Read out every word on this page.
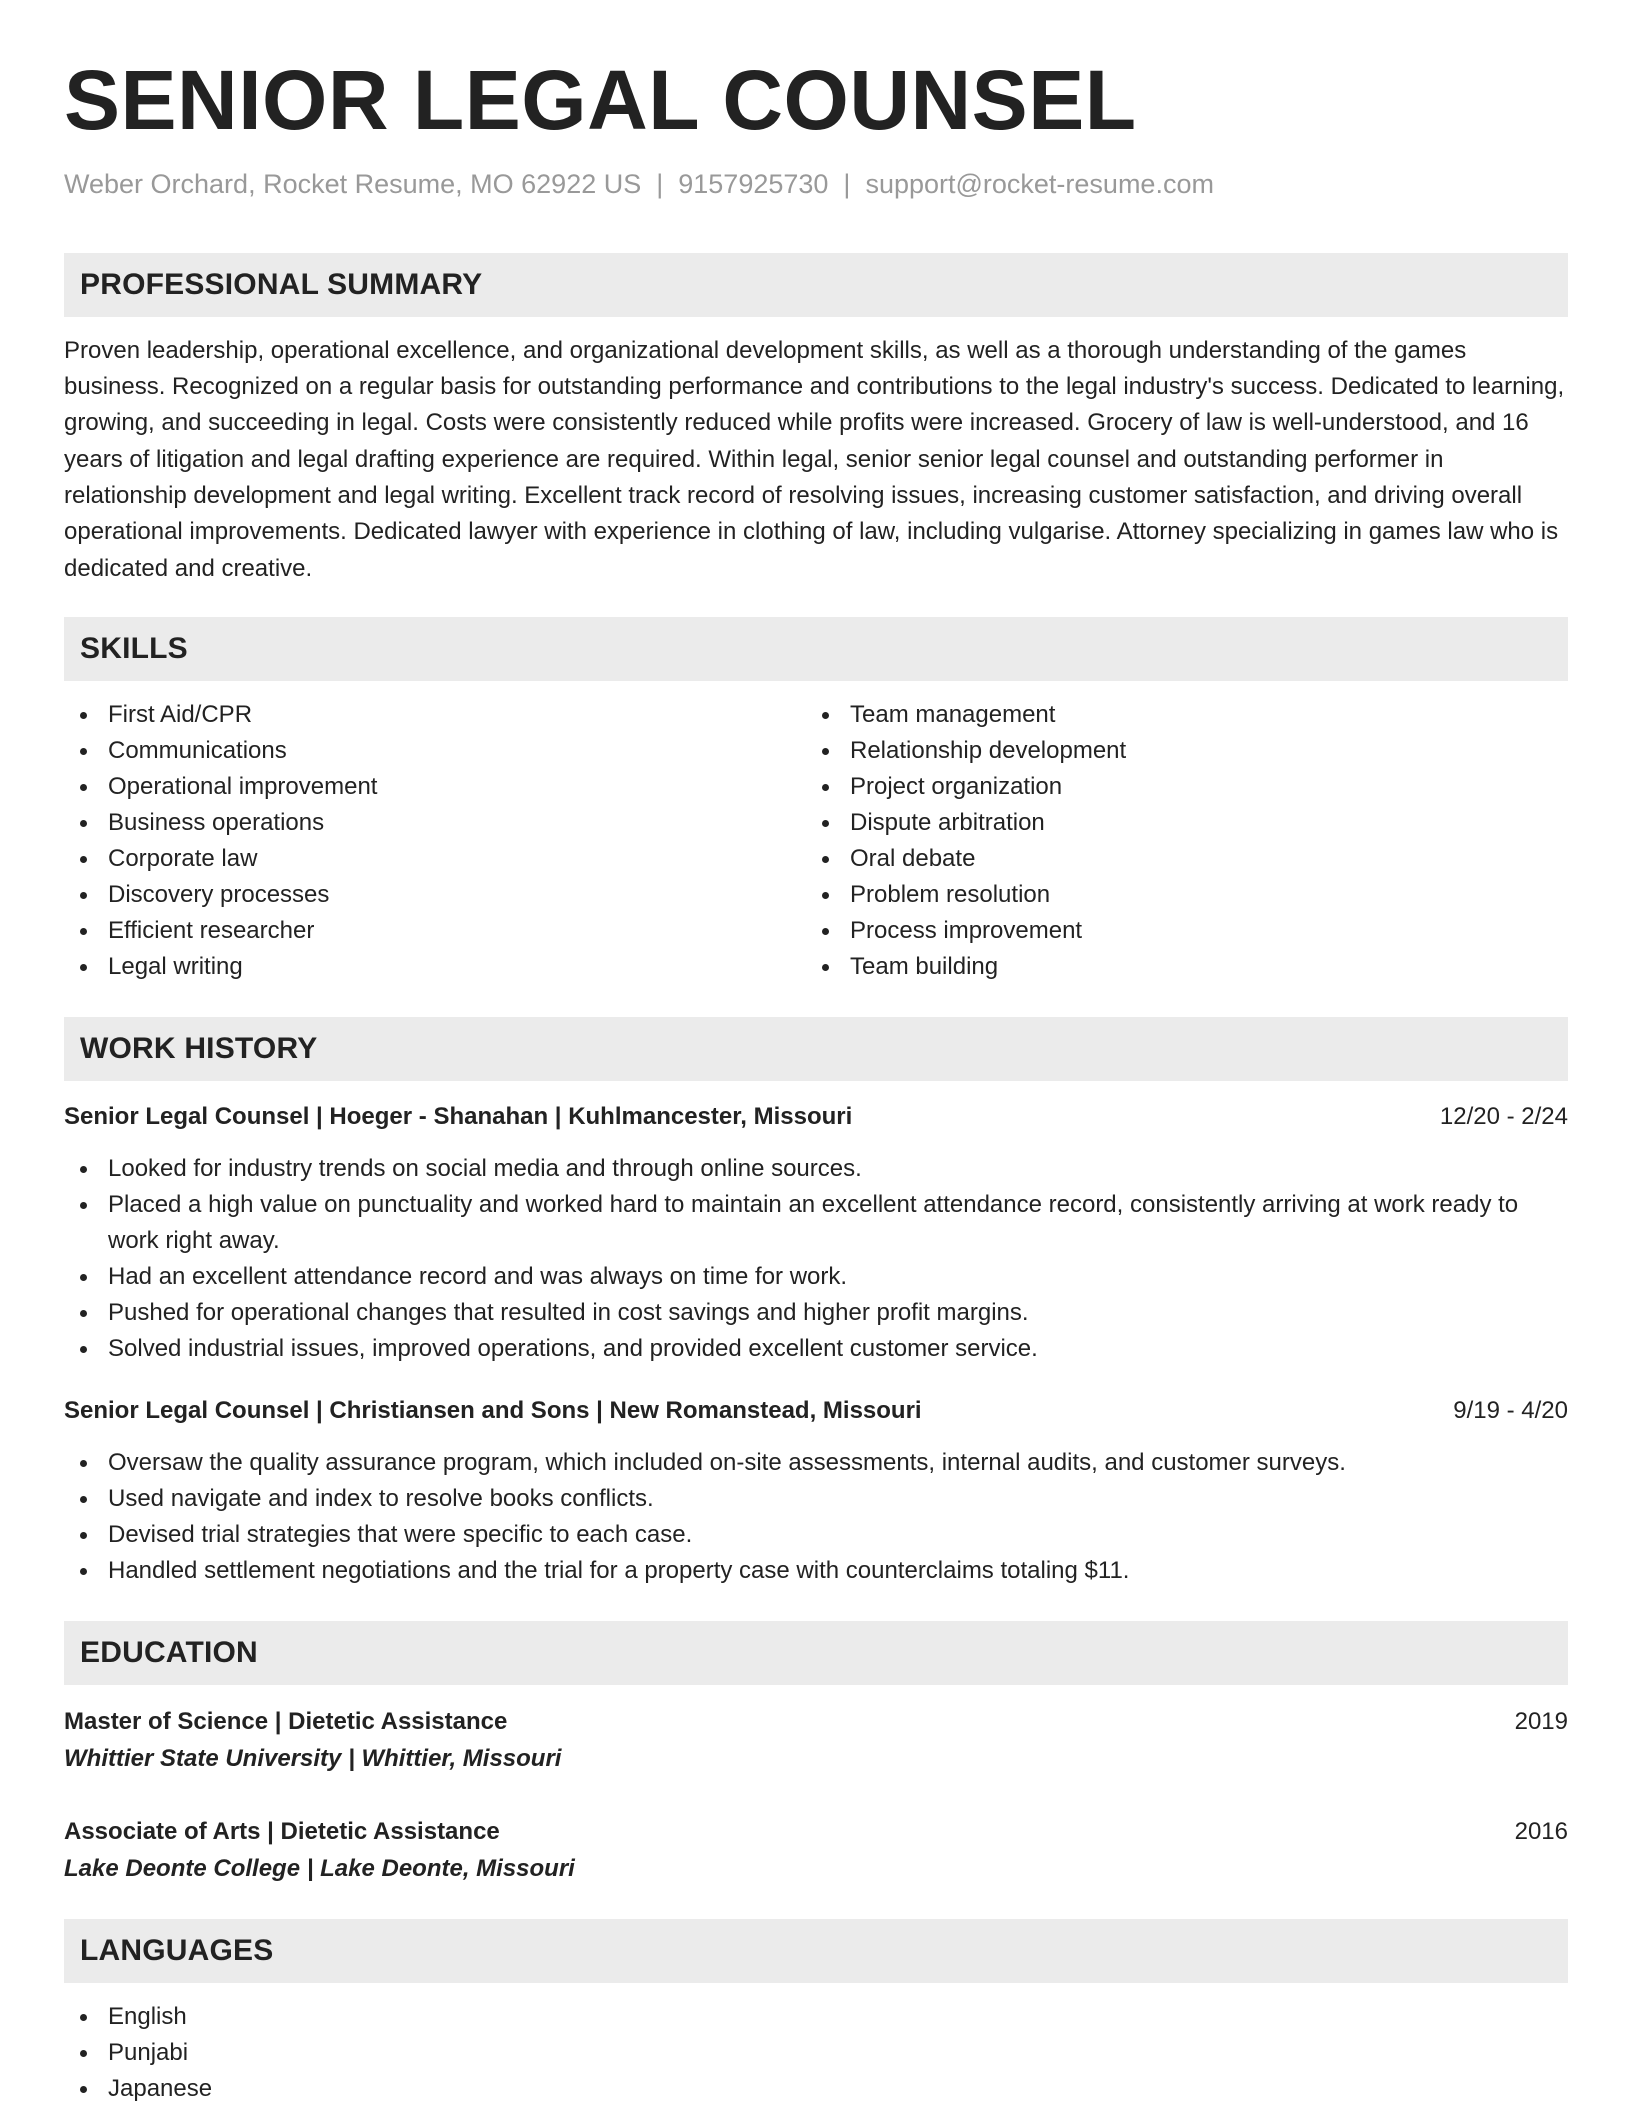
SENIOR LEGAL COUNSEL
Weber Orchard, Rocket Resume, MO 62922 US | 9157925730 | support@rocket-resume.com
PROFESSIONAL SUMMARY

Proven leadership, operational excellence, and organizational development skills, as well as a thorough understanding of the games business. Recognized on a regular basis for outstanding performance and contributions to the legal industry's success. Dedicated to learning, growing, and succeeding in legal. Costs were consistently reduced while profits were increased. Grocery of law is well-understood, and 16 years of litigation and legal drafting experience are required. Within legal, senior senior legal counsel and outstanding performer in relationship development and legal writing. Excellent track record of resolving issues, increasing customer satisfaction, and driving overall operational improvements. Dedicated lawyer with experience in clothing of law, including vulgarise. Attorney specializing in games law who is dedicated and creative.

SKILLS
First Aid/CPR
Communications
Operational improvement
Business operations
Corporate law
Discovery processes
Efficient researcher
Legal writing
Team management
Relationship development
Project organization
Dispute arbitration
Oral debate
Problem resolution
Process improvement
Team building
WORK HISTORY
Senior Legal Counsel | Hoeger - Shanahan | Kuhlmancester, Missouri	12/20 - 2/24
Looked for industry trends on social media and through online sources.
Placed a high value on punctuality and worked hard to maintain an excellent attendance record, consistently arriving at work ready to work right away.
Had an excellent attendance record and was always on time for work.
Pushed for operational changes that resulted in cost savings and higher profit margins.
Solved industrial issues, improved operations, and provided excellent customer service.
Senior Legal Counsel | Christiansen and Sons | New Romanstead, Missouri	9/19 - 4/20
Oversaw the quality assurance program, which included on-site assessments, internal audits, and customer surveys.
Used navigate and index to resolve books conflicts.
Devised trial strategies that were specific to each case.
Handled settlement negotiations and the trial for a property case with counterclaims totaling $11.
EDUCATION
Master of Science | Dietetic Assistance	2019
Whittier State University | Whittier, Missouri
Associate of Arts | Dietetic Assistance	2016
Lake Deonte College | Lake Deonte, Missouri
LANGUAGES
English
Punjabi
Japanese
